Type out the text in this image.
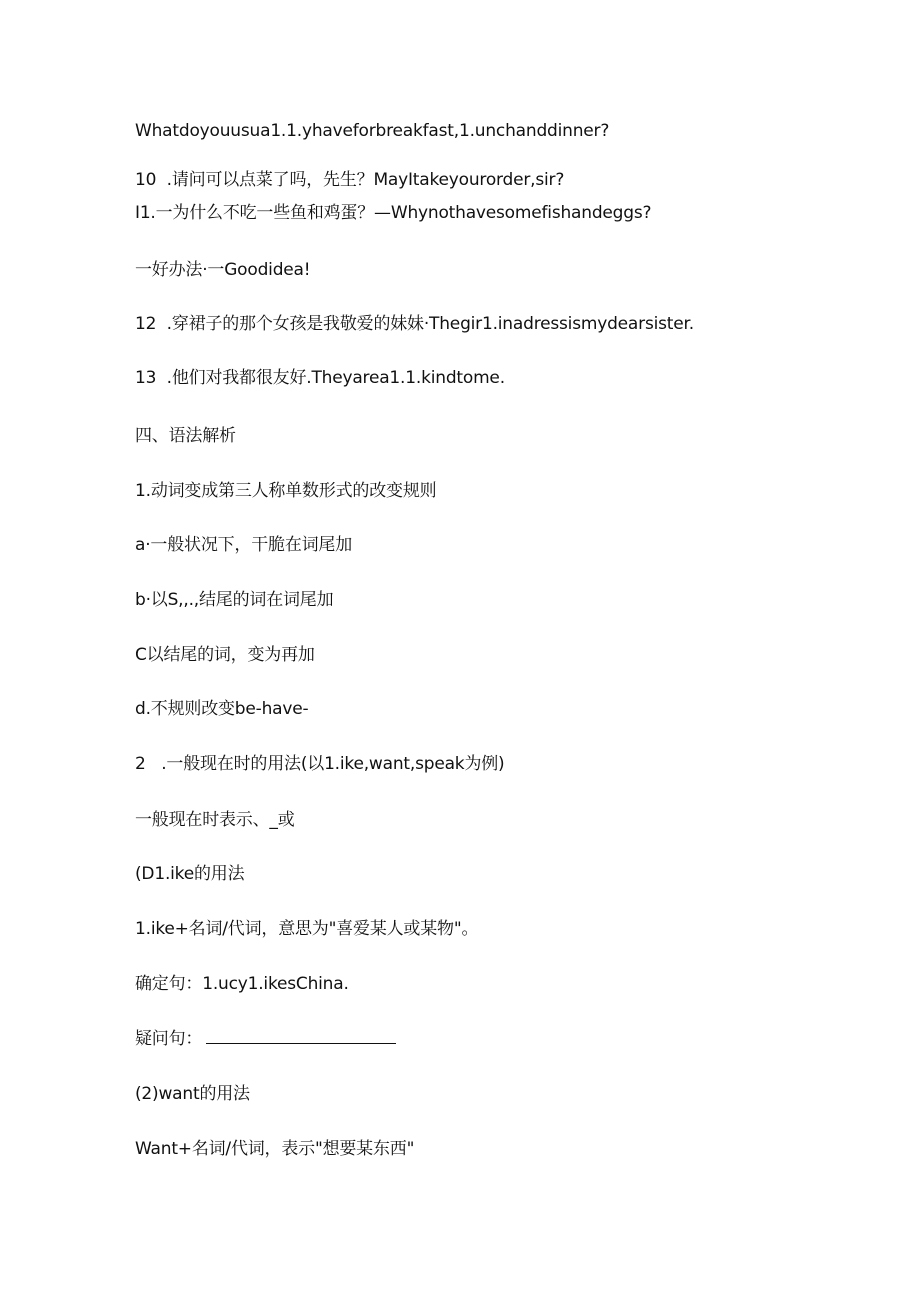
Whatdoyouusua1.1.yhaveforbreakfast,1.unchanddinner?
10  .请问可以点菜了吗，先生？MayItakeyourorder,sir?
I1.一为什么不吃一些鱼和鸡蛋？—Whynothavesomefishandeggs?
一好办法·一Goodidea!
12  .穿裙子的那个女孩是我敬爱的妹妹·Thegir1.inadressismydearsister.
13  .他们对我都很友好.Theyarea1.1.kindtome.
四、语法解析
1.动词变成第三人称单数形式的改变规则
a·一般状况下，干脆在词尾加
b·以S,,.,结尾的词在词尾加
C以结尾的词，变为再加
d.不规则改变be-have-
2   .一般现在时的用法(以1.ike,want,speak为例)
一般现在时表示、_或
(D1.ike的用法
1.ike+名词/代词，意思为"喜爱某人或某物"。
确定句：1.ucy1.ikesChina.
疑问句：
(2)want的用法
Want+名词/代词，表示"想要某东西"
